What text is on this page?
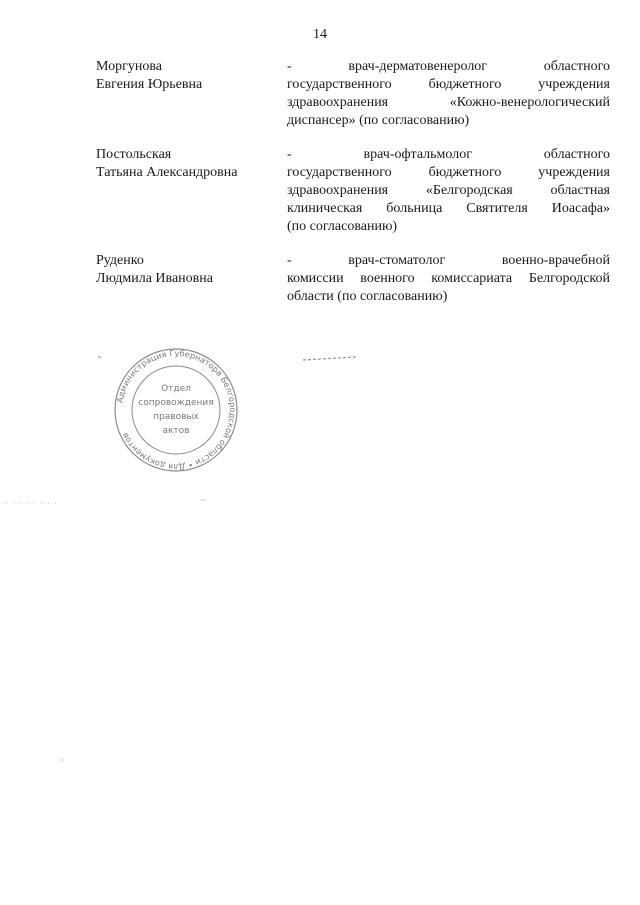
14
Моргунова
Евгения Юрьевна
- врач-дерматовенеролог областного
государственного бюджетного учреждения
здравоохранения «Кожно-венерологический
диспансер» (по согласованию)
Постольская
Татьяна Александровна
- врач-офтальмолог областного
государственного бюджетного учреждения
здравоохранения «Белгородская областная
клиническая больница Святителя Иоасафа»
(по согласованию)
Руденко
Людмила Ивановна
- врач-стоматолог военно-врачебной
комиссии военного комиссариата Белгородской
области (по согласованию)
Администрация Губернатора Белгородской области • Для документов
Отдел
сопровождения
правовых
актов
